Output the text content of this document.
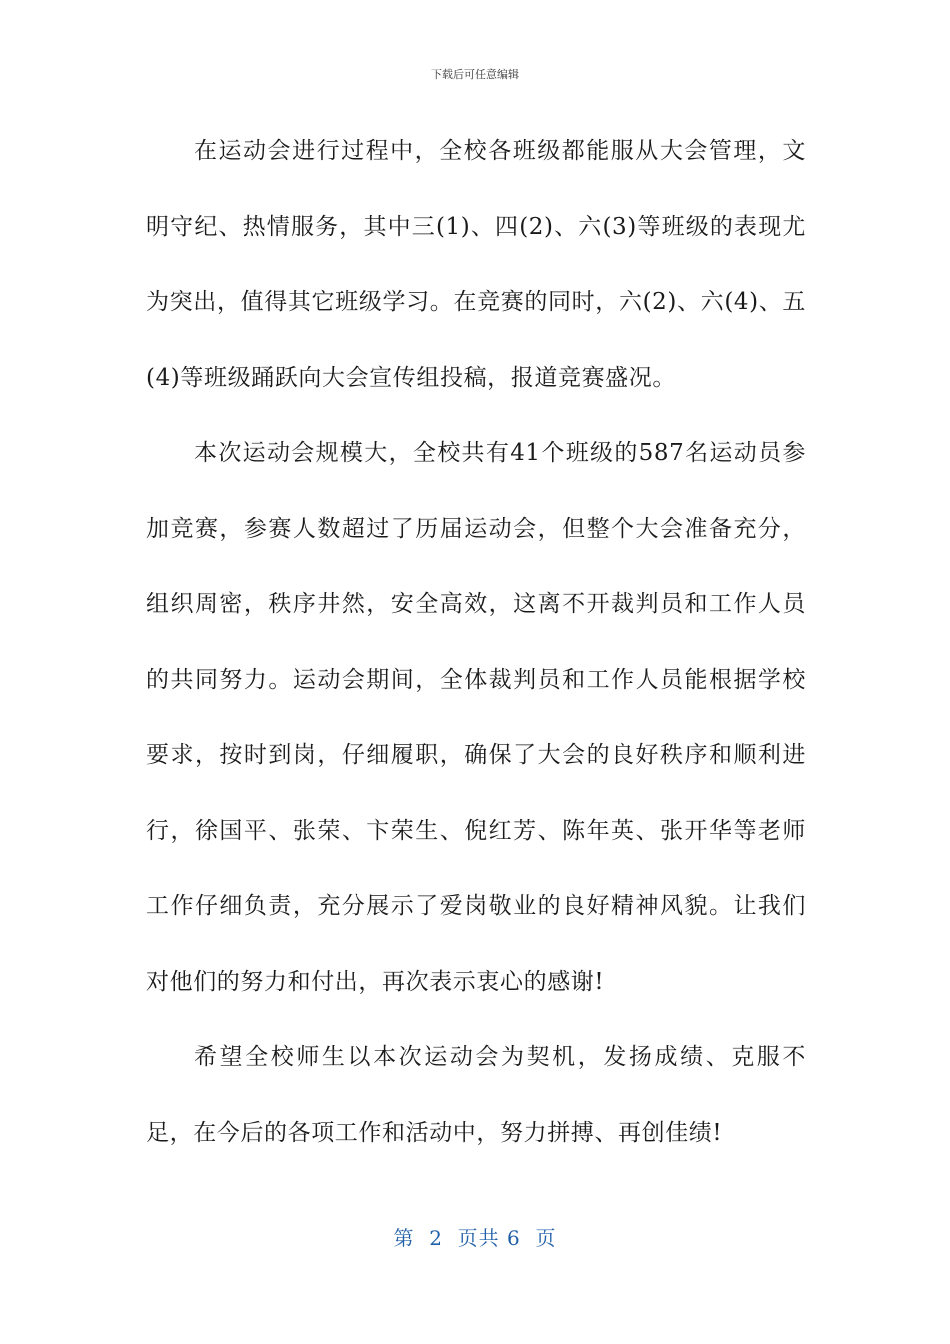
下载后可任意编辑

在运动会进行过程中，全校各班级都能服从大会管理，文明守纪、热情服务，其中三(1)、四(2)、六(3)等班级的表现尤为突出，值得其它班级学习。在竞赛的同时，六(2)、六(4)、五(4)等班级踊跃向大会宣传组投稿，报道竞赛盛况。

本次运动会规模大，全校共有41个班级的587名运动员参加竞赛，参赛人数超过了历届运动会，但整个大会准备充分，组织周密，秩序井然，安全高效，这离不开裁判员和工作人员的共同努力。运动会期间，全体裁判员和工作人员能根据学校要求，按时到岗，仔细履职，确保了大会的良好秩序和顺利进行，徐国平、张荣、卞荣生、倪红芳、陈年英、张开华等老师工作仔细负责，充分展示了爱岗敬业的良好精神风貌。让我们对他们的努力和付出，再次表示衷心的感谢!

希望全校师生以本次运动会为契机，发扬成绩、克服不足，在今后的各项工作和活动中，努力拼搏、再创佳绩!

第  2  页共 6  页
